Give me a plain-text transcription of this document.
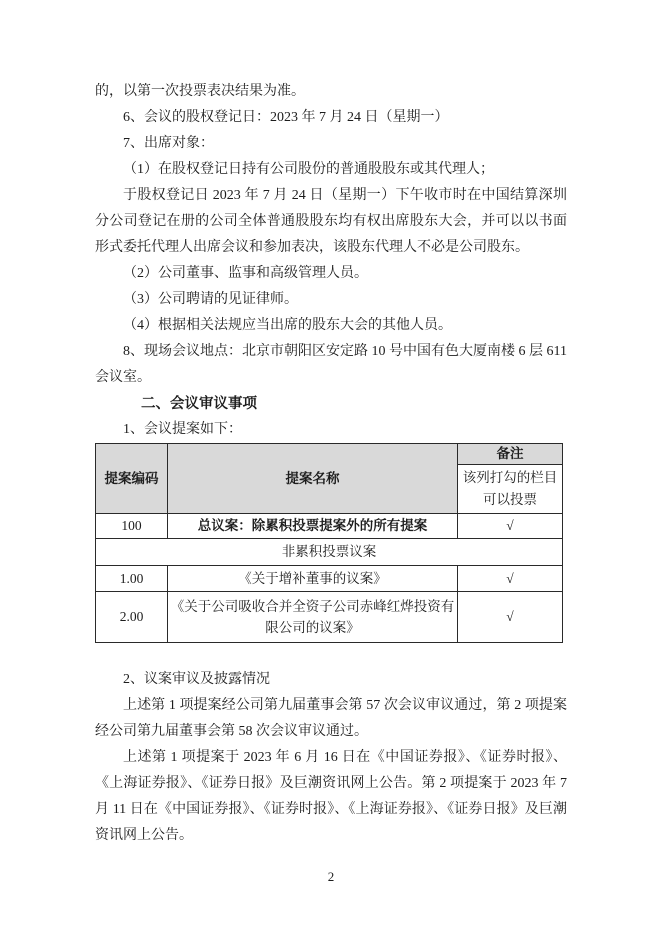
的，以第一次投票表决结果为准。

6、会议的股权登记日：2023 年 7 月 24 日（星期一）

7、出席对象：

（1）在股权登记日持有公司股份的普通股股东或其代理人；

于股权登记日 2023 年 7 月 24 日（星期一）下午收市时在中国结算深圳分公司登记在册的公司全体普通股股东均有权出席股东大会，并可以以书面形式委托代理人出席会议和参加表决，该股东代理人不必是公司股东。

（2）公司董事、监事和高级管理人员。

（3）公司聘请的见证律师。

（4）根据相关法规应当出席的股东大会的其他人员。

8、现场会议地点：北京市朝阳区安定路 10 号中国有色大厦南楼 6 层 611 会议室。

二、会议审议事项

1、会议提案如下：

提案编码	提案名称	备注
		该列打勾的栏目可以投票
100	总议案：除累积投票提案外的所有提案	√
非累积投票议案		
1.00	《关于增补董事的议案》	√
2.00	《关于公司吸收合并全资子公司赤峰红烨投资有限公司的议案》	√

2、议案审议及披露情况

上述第 1 项提案经公司第九届董事会第 57 次会议审议通过，第 2 项提案经公司第九届董事会第 58 次会议审议通过。

上述第 1 项提案于 2023 年 6 月 16 日在《中国证券报》、《证券时报》、《上海证券报》、《证券日报》及巨潮资讯网上公告。第 2 项提案于 2023 年 7 月 11 日在《中国证券报》、《证券时报》、《上海证券报》、《证券日报》及巨潮资讯网上公告。

2
